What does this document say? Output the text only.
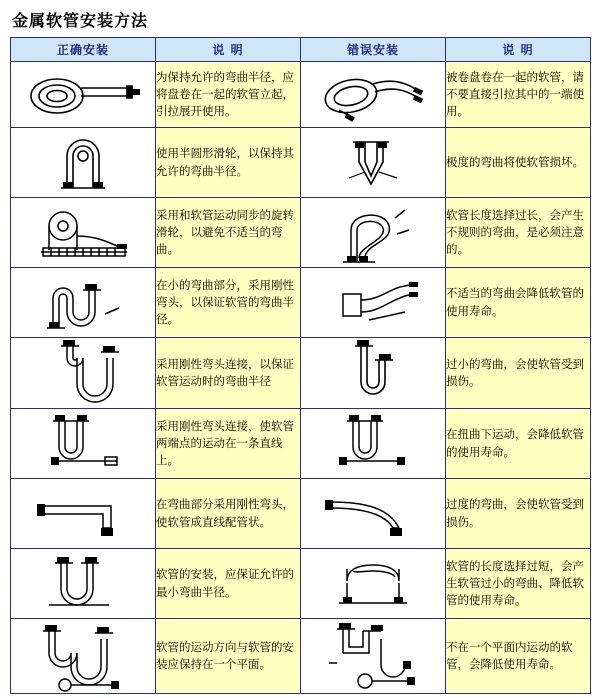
金属软管安装方法
正确安装	说 明	错误安装	说 明

	为保持允许的弯曲半径，应将盘卷在一起的软管立起，引拉展开使用。		被卷盘卷在一起的软管，请不要直接引拉其中的一端使用。

	使用半圆形滑轮，以保持其允许的弯曲半径。		极度的弯曲将使软管损坏。

	采用和软管运动同步的旋转滑轮，以避免不适当的弯曲。		软管长度选择过长，会产生不规则的弯曲，是必须注意的。

	在小的弯曲部分，采用刚性弯头，以保证软管的弯曲半径。		不适当的弯曲会降低软管的使用寿命。

	采用刚性弯头连接，以保证软管运动时的弯曲半径		过小的弯曲，会使软管受到损伤。

	采用刚性弯头连接，使软管两端点的运动在一条直线上。		在扭曲下运动，会降低软管的使用寿命。

	在弯曲部分采用刚性弯头，使软管成直线配管状。		过度的弯曲，会使软管受到损伤。

	软管的安装，应保证允许的最小弯曲半径。		软管的长度选择过短，会产生软管过小的弯曲、降低软管的使用寿命。

	软管的运动方向与软管的安装应保持在一个平面。		不在一个平面内运动的软管，会降低使用寿命。
